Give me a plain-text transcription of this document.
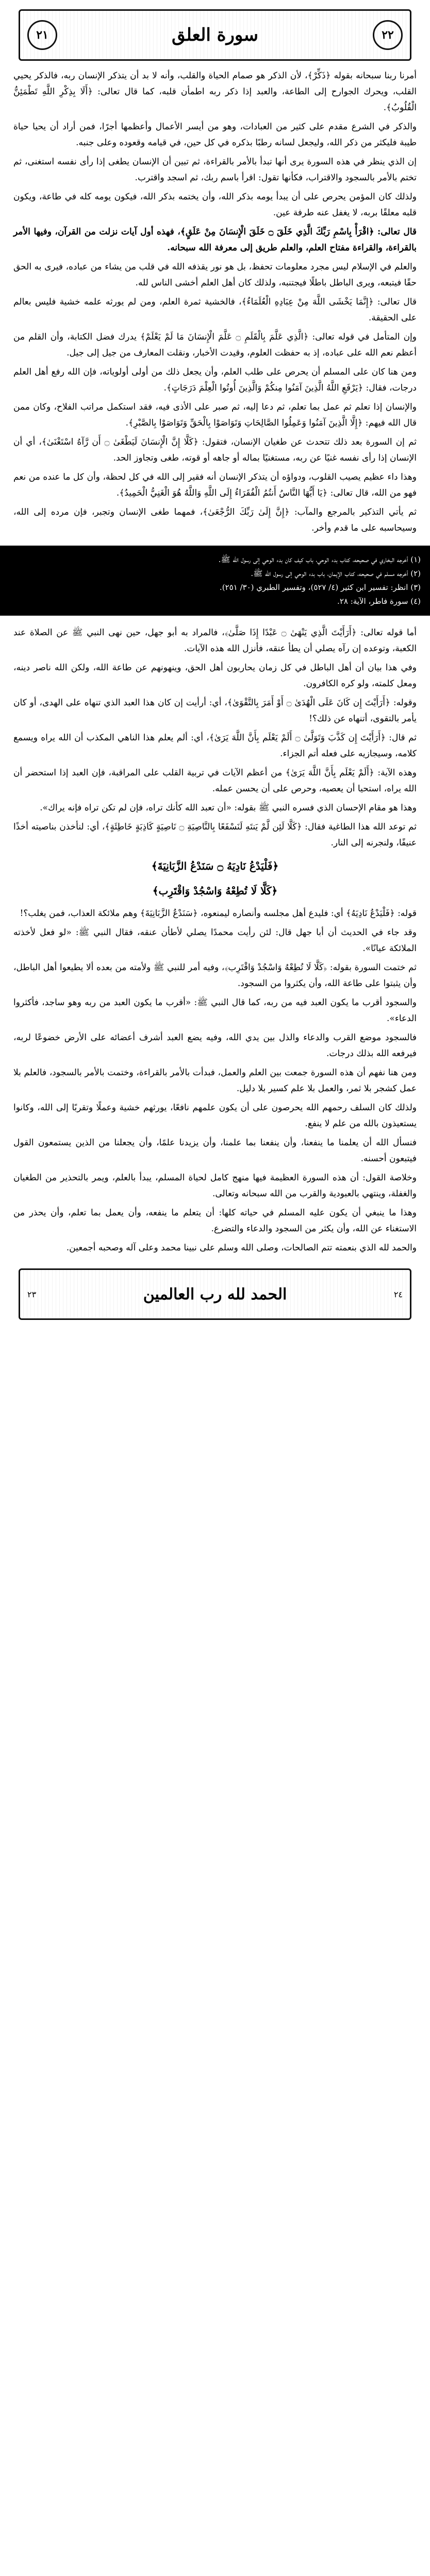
٢٢
سورة العلق
٢١

أمرنا ربنا سبحانه بقوله ﴿ذَكِّرْ﴾، لأن الذكر هو صمام الحياة والقلب، وأنه لا بد أن يتذكر الإنسان ربه، فالذكر يحيي القلب، ويحرك الجوارح إلى الطاعة، والعبد إذا ذكر ربه اطمأن قلبه، كما قال تعالى: ﴿أَلَا بِذِكْرِ اللَّهِ تَطْمَئِنُّ الْقُلُوبُ﴾.

والذكر في الشرع مقدم على كثير من العبادات، وهو من أيسر الأعمال وأعظمها أجرًا، فمن أراد أن يحيا حياة طيبة فليكثر من ذكر الله، وليجعل لسانه رطبًا بذكره في كل حين، في قيامه وقعوده وعلى جنبه.

إن الذي ينظر في هذه السورة يرى أنها تبدأ بالأمر بالقراءة، ثم تبين أن الإنسان يطغى إذا رأى نفسه استغنى، ثم تختم بالأمر بالسجود والاقتراب، فكأنها تقول: اقرأ باسم ربك، ثم اسجد واقترب.

ولذلك كان المؤمن يحرص على أن يبدأ يومه بذكر الله، وأن يختمه بذكر الله، فيكون يومه كله في طاعة، ويكون قلبه معلقًا بربه، لا يغفل عنه طرفة عين.

قال تعالى: ﴿اقْرَأْ بِاسْمِ رَبِّكَ الَّذِي خَلَقَ ۝ خَلَقَ الْإِنسَانَ مِنْ عَلَقٍ﴾، فهذه أول آيات نزلت من القرآن، وفيها الأمر بالقراءة، والقراءة مفتاح العلم، والعلم طريق إلى معرفة الله سبحانه.

والعلم في الإسلام ليس مجرد معلومات تحفظ، بل هو نور يقذفه الله في قلب من يشاء من عباده، فيرى به الحق حقًا فيتبعه، ويرى الباطل باطلًا فيجتنبه، ولذلك كان أهل العلم أخشى الناس لله.

قال تعالى: ﴿إِنَّمَا يَخْشَى اللَّهَ مِنْ عِبَادِهِ الْعُلَمَاءُ﴾، فالخشية ثمرة العلم، ومن لم يورثه علمه خشية فليس بعالم على الحقيقة.

وإن المتأمل في قوله تعالى: ﴿الَّذِي عَلَّمَ بِالْقَلَمِ ۝ عَلَّمَ الْإِنسَانَ مَا لَمْ يَعْلَمْ﴾ يدرك فضل الكتابة، وأن القلم من أعظم نعم الله على عباده، إذ به حفظت العلوم، وقيدت الأخبار، ونقلت المعارف من جيل إلى جيل.

ومن هنا كان على المسلم أن يحرص على طلب العلم، وأن يجعل ذلك من أولى أولوياته، فإن الله رفع أهل العلم درجات، فقال: ﴿يَرْفَعِ اللَّهُ الَّذِينَ آمَنُوا مِنكُمْ وَالَّذِينَ أُوتُوا الْعِلْمَ دَرَجَاتٍ﴾.

والإنسان إذا تعلم ثم عمل بما تعلم، ثم دعا إليه، ثم صبر على الأذى فيه، فقد استكمل مراتب الفلاح، وكان ممن قال الله فيهم: ﴿إِلَّا الَّذِينَ آمَنُوا وَعَمِلُوا الصَّالِحَاتِ وَتَوَاصَوْا بِالْحَقِّ وَتَوَاصَوْا بِالصَّبْرِ﴾.

ثم إن السورة بعد ذلك تتحدث عن طغيان الإنسان، فتقول: ﴿كَلَّا إِنَّ الْإِنسَانَ لَيَطْغَىٰ ۝ أَن رَّآهُ اسْتَغْنَىٰ﴾، أي أن الإنسان إذا رأى نفسه غنيًا عن ربه، مستغنيًا بماله أو جاهه أو قوته، طغى وتجاوز الحد.

وهذا داء عظيم يصيب القلوب، ودواؤه أن يتذكر الإنسان أنه فقير إلى الله في كل لحظة، وأن كل ما عنده من نعم فهو من الله، قال تعالى: ﴿يَا أَيُّهَا النَّاسُ أَنتُمُ الْفُقَرَاءُ إِلَى اللَّهِ وَاللَّهُ هُوَ الْغَنِيُّ الْحَمِيدُ﴾.

ثم يأتي التذكير بالمرجع والمآب: ﴿إِنَّ إِلَىٰ رَبِّكَ الرُّجْعَىٰ﴾، فمهما طغى الإنسان وتجبر، فإن مرده إلى الله، وسيحاسبه على ما قدم وأخر.

(١) أخرجه البخاري في صحيحه، كتاب بدء الوحي، باب كيف كان بدء الوحي إلى رسول الله ﷺ.

(٢) أخرجه مسلم في صحيحه، كتاب الإيمان، باب بدء الوحي إلى رسول الله ﷺ.

(٣) انظر: تفسير ابن كثير (٤/ ٥٢٧)، وتفسير الطبري (٣٠/ ٢٥١).

(٤) سورة فاطر، الآية: ٢٨.

أما قوله تعالى: ﴿أَرَأَيْتَ الَّذِي يَنْهَىٰ ۝ عَبْدًا إِذَا صَلَّىٰ﴾، فالمراد به أبو جهل، حين نهى النبي ﷺ عن الصلاة عند الكعبة، وتوعده إن رآه يصلي أن يطأ عنقه، فأنزل الله هذه الآيات.

وفي هذا بيان أن أهل الباطل في كل زمان يحاربون أهل الحق، وينهونهم عن طاعة الله، ولكن الله ناصر دينه، ومعل كلمته، ولو كره الكافرون.

وقوله: ﴿أَرَأَيْتَ إِن كَانَ عَلَى الْهُدَىٰ ۝ أَوْ أَمَرَ بِالتَّقْوَىٰ﴾، أي: أرأيت إن كان هذا العبد الذي تنهاه على الهدى، أو كان يأمر بالتقوى، أتنهاه عن ذلك؟!

ثم قال: ﴿أَرَأَيْتَ إِن كَذَّبَ وَتَوَلَّىٰ ۝ أَلَمْ يَعْلَم بِأَنَّ اللَّهَ يَرَىٰ﴾، أي: ألم يعلم هذا الناهي المكذب أن الله يراه ويسمع كلامه، وسيجازيه على فعله أتم الجزاء.

وهذه الآية: ﴿أَلَمْ يَعْلَم بِأَنَّ اللَّهَ يَرَىٰ﴾ من أعظم الآيات في تربية القلب على المراقبة، فإن العبد إذا استحضر أن الله يراه، استحيا أن يعصيه، وحرص على أن يحسن عمله.

وهذا هو مقام الإحسان الذي فسره النبي ﷺ بقوله: «أن تعبد الله كأنك تراه، فإن لم تكن تراه فإنه يراك».

ثم توعد الله هذا الطاغية فقال: ﴿كَلَّا لَئِن لَّمْ يَنتَهِ لَنَسْفَعًا بِالنَّاصِيَةِ ۝ نَاصِيَةٍ كَاذِبَةٍ خَاطِئَةٍ﴾، أي: لنأخذن بناصيته أخذًا عنيفًا، ولنجرنه إلى النار.

﴿فَلْيَدْعُ نَادِيَهُ ۝ سَنَدْعُ الزَّبَانِيَةَ﴾

﴿كَلَّا لَا تُطِعْهُ وَاسْجُدْ وَاقْتَرِب﴾

قوله: ﴿فَلْيَدْعُ نَادِيَهُ﴾ أي: فليدع أهل مجلسه وأنصاره ليمنعوه، ﴿سَنَدْعُ الزَّبَانِيَةَ﴾ وهم ملائكة العذاب، فمن يغلب؟!

وقد جاء في الحديث أن أبا جهل قال: لئن رأيت محمدًا يصلي لأطأن عنقه، فقال النبي ﷺ: «لو فعل لأخذته الملائكة عيانًا».

ثم ختمت السورة بقوله: ﴿كَلَّا لَا تُطِعْهُ وَاسْجُدْ وَاقْتَرِب﴾، وفيه أمر للنبي ﷺ ولأمته من بعده ألا يطيعوا أهل الباطل، وأن يثبتوا على طاعة الله، وأن يكثروا من السجود.

والسجود أقرب ما يكون العبد فيه من ربه، كما قال النبي ﷺ: «أقرب ما يكون العبد من ربه وهو ساجد، فأكثروا الدعاء».

فالسجود موضع القرب والدعاء والذل بين يدي الله، وفيه يضع العبد أشرف أعضائه على الأرض خضوعًا لربه، فيرفعه الله بذلك درجات.

ومن هنا نفهم أن هذه السورة جمعت بين العلم والعمل، فبدأت بالأمر بالقراءة، وختمت بالأمر بالسجود، فالعلم بلا عمل كشجر بلا ثمر، والعمل بلا علم كسير بلا دليل.

ولذلك كان السلف رحمهم الله يحرصون على أن يكون علمهم نافعًا، يورثهم خشية وعملًا وتقربًا إلى الله، وكانوا يستعيذون بالله من علم لا ينفع.

فنسأل الله أن يعلمنا ما ينفعنا، وأن ينفعنا بما علمنا، وأن يزيدنا علمًا، وأن يجعلنا من الذين يستمعون القول فيتبعون أحسنه.

وخلاصة القول: أن هذه السورة العظيمة فيها منهج كامل لحياة المسلم، يبدأ بالعلم، ويمر بالتحذير من الطغيان والغفلة، وينتهي بالعبودية والقرب من الله سبحانه وتعالى.

وهذا ما ينبغي أن يكون عليه المسلم في حياته كلها: أن يتعلم ما ينفعه، وأن يعمل بما تعلم، وأن يحذر من الاستغناء عن الله، وأن يكثر من السجود والدعاء والتضرع.

والحمد لله الذي بنعمته تتم الصالحات، وصلى الله وسلم على نبينا محمد وعلى آله وصحبه أجمعين.

٢٤
الحمد لله رب العالمين
٢٣
